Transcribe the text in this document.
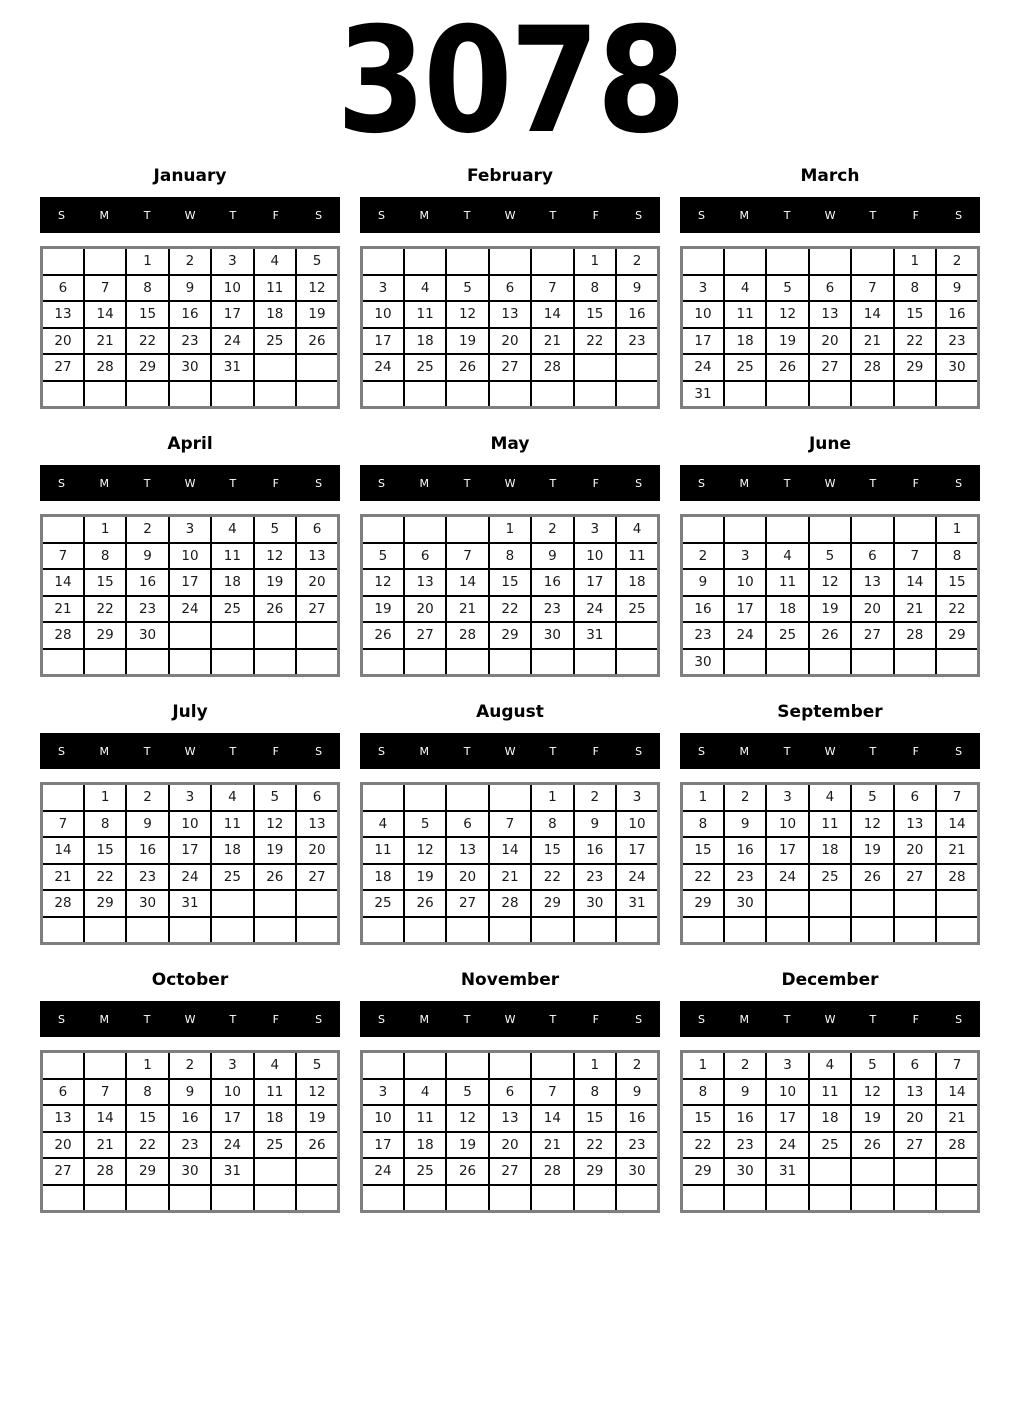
3078
January
S	M	T	W	T	F	S
		1	2	3	4	5
6	7	8	9	10	11	12
13	14	15	16	17	18	19
20	21	22	23	24	25	26
27	28	29	30	31		

February
S	M	T	W	T	F	S
					1	2
3	4	5	6	7	8	9
10	11	12	13	14	15	16
17	18	19	20	21	22	23
24	25	26	27	28		

March
S	M	T	W	T	F	S
					1	2
3	4	5	6	7	8	9
10	11	12	13	14	15	16
17	18	19	20	21	22	23
24	25	26	27	28	29	30
31						
April
S	M	T	W	T	F	S
	1	2	3	4	5	6
7	8	9	10	11	12	13
14	15	16	17	18	19	20
21	22	23	24	25	26	27
28	29	30				

May
S	M	T	W	T	F	S
			1	2	3	4
5	6	7	8	9	10	11
12	13	14	15	16	17	18
19	20	21	22	23	24	25
26	27	28	29	30	31	

June
S	M	T	W	T	F	S
						1
2	3	4	5	6	7	8
9	10	11	12	13	14	15
16	17	18	19	20	21	22
23	24	25	26	27	28	29
30						
July
S	M	T	W	T	F	S
	1	2	3	4	5	6
7	8	9	10	11	12	13
14	15	16	17	18	19	20
21	22	23	24	25	26	27
28	29	30	31			

August
S	M	T	W	T	F	S
				1	2	3
4	5	6	7	8	9	10
11	12	13	14	15	16	17
18	19	20	21	22	23	24
25	26	27	28	29	30	31

September
S	M	T	W	T	F	S
1	2	3	4	5	6	7
8	9	10	11	12	13	14
15	16	17	18	19	20	21
22	23	24	25	26	27	28
29	30					

October
S	M	T	W	T	F	S
		1	2	3	4	5
6	7	8	9	10	11	12
13	14	15	16	17	18	19
20	21	22	23	24	25	26
27	28	29	30	31		

November
S	M	T	W	T	F	S
					1	2
3	4	5	6	7	8	9
10	11	12	13	14	15	16
17	18	19	20	21	22	23
24	25	26	27	28	29	30

December
S	M	T	W	T	F	S
1	2	3	4	5	6	7
8	9	10	11	12	13	14
15	16	17	18	19	20	21
22	23	24	25	26	27	28
29	30	31				
